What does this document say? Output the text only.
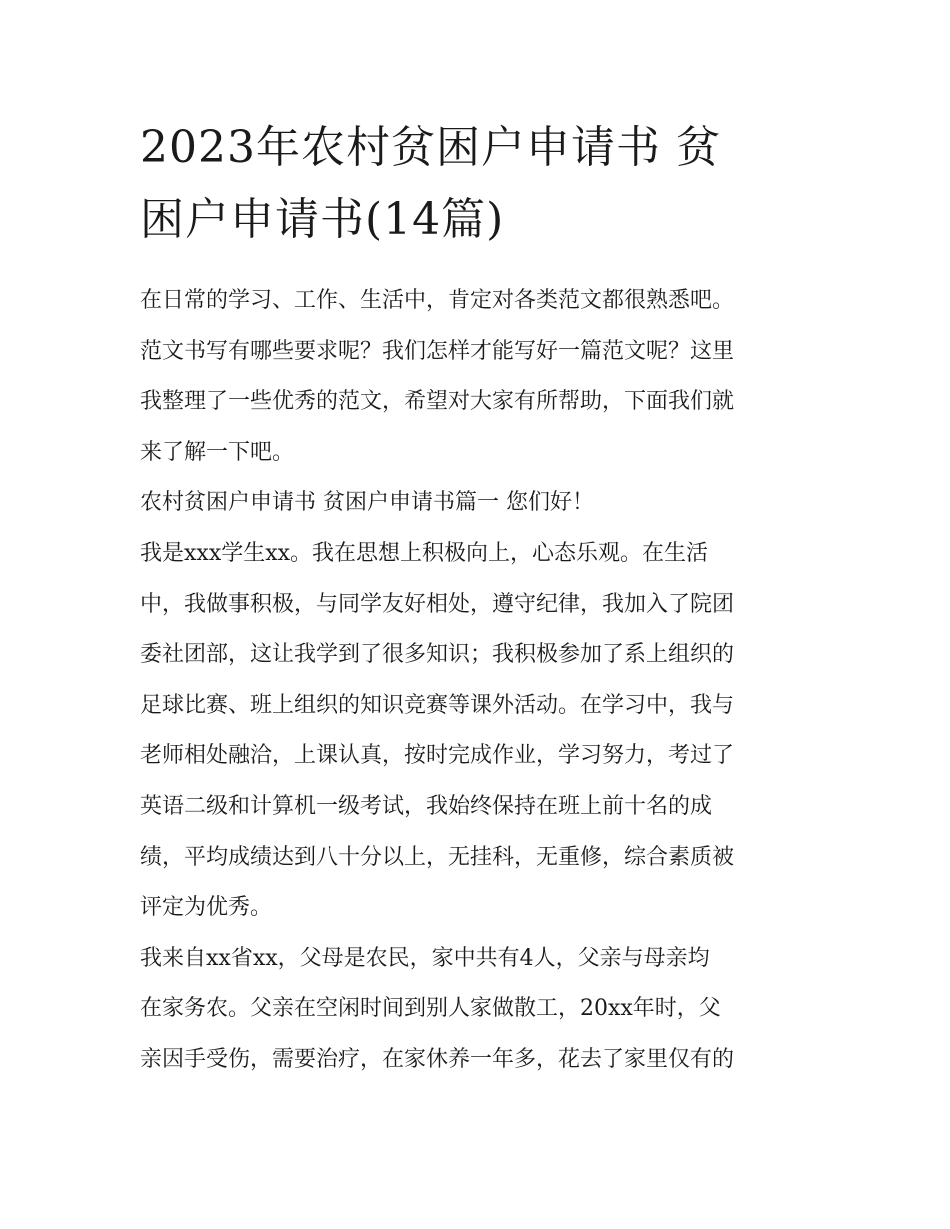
2023年农村贫困户申请书 贫
困户申请书(14篇)
在日常的学习、工作、生活中，肯定对各类范文都很熟悉吧。
范文书写有哪些要求呢？我们怎样才能写好一篇范文呢？这里
我整理了一些优秀的范文，希望对大家有所帮助，下面我们就
来了解一下吧。
农村贫困户申请书 贫困户申请书篇一 您们好！
我是xxx学生xx。我在思想上积极向上，心态乐观。在生活
中，我做事积极，与同学友好相处，遵守纪律，我加入了院团
委社团部，这让我学到了很多知识；我积极参加了系上组织的
足球比赛、班上组织的知识竞赛等课外活动。在学习中，我与
老师相处融洽，上课认真，按时完成作业，学习努力，考过了
英语二级和计算机一级考试，我始终保持在班上前十名的成
绩，平均成绩达到八十分以上，无挂科，无重修，综合素质被
评定为优秀。
我来自xx省xx，父母是农民，家中共有4人，父亲与母亲均
在家务农。父亲在空闲时间到别人家做散工，20xx年时，父
亲因手受伤，需要治疗，在家休养一年多，花去了家里仅有的
